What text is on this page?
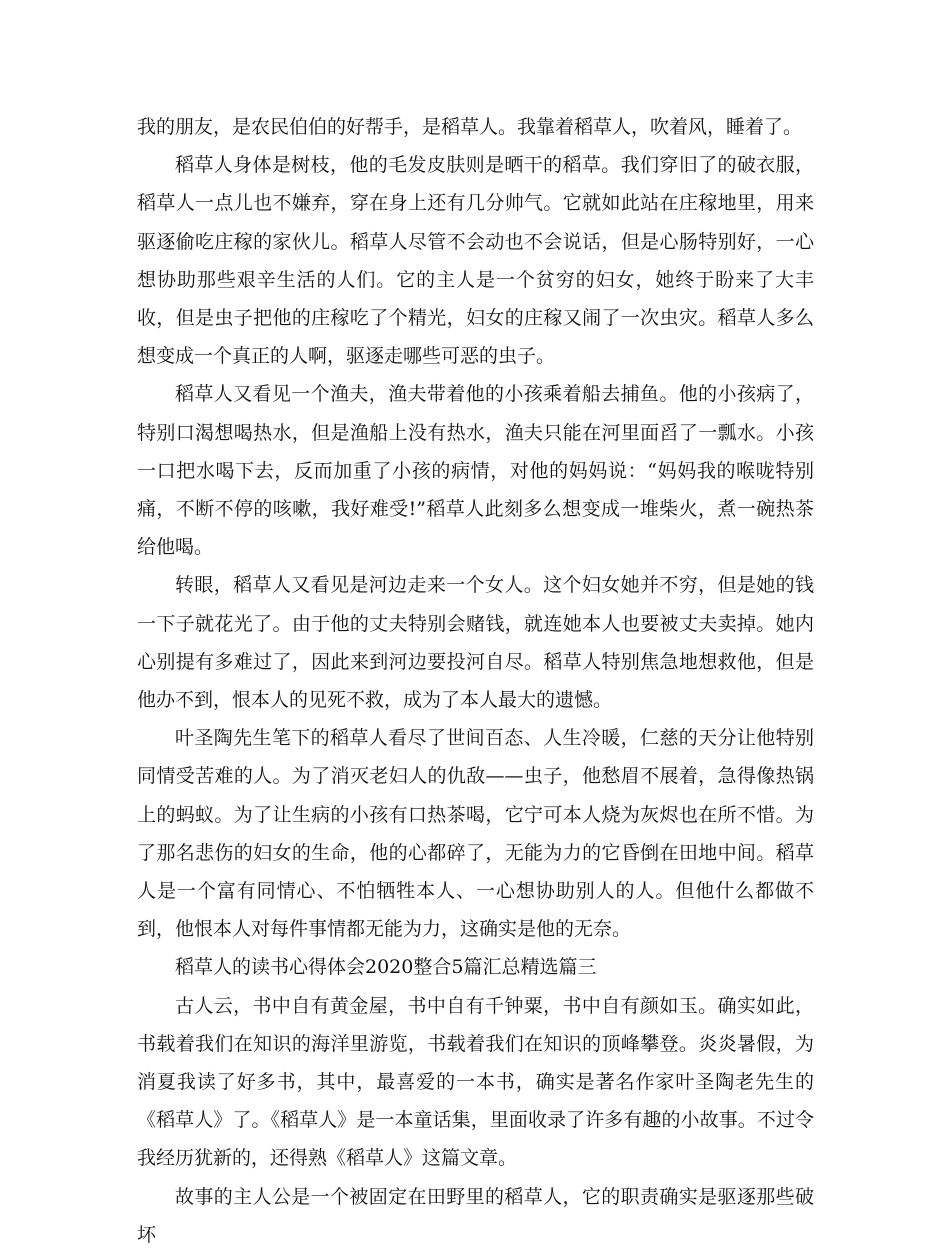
我的朋友，是农民伯伯的好帮手，是稻草人。我靠着稻草人，吹着风，睡着了。

稻草人身体是树枝，他的毛发皮肤则是晒干的稻草。我们穿旧了的破衣服，稻草人一点儿也不嫌弃，穿在身上还有几分帅气。它就如此站在庄稼地里，用来驱逐偷吃庄稼的家伙儿。稻草人尽管不会动也不会说话，但是心肠特别好，一心想协助那些艰辛生活的人们。它的主人是一个贫穷的妇女，她终于盼来了大丰收，但是虫子把他的庄稼吃了个精光，妇女的庄稼又闹了一次虫灾。稻草人多么想变成一个真正的人啊，驱逐走哪些可恶的虫子。

稻草人又看见一个渔夫，渔夫带着他的小孩乘着船去捕鱼。他的小孩病了，特别口渴想喝热水，但是渔船上没有热水，渔夫只能在河里面舀了一瓢水。小孩一口把水喝下去，反而加重了小孩的病情，对他的妈妈说：“妈妈我的喉咙特别痛，不断不停的咳嗽，我好难受!”稻草人此刻多么想变成一堆柴火，煮一碗热茶给他喝。

转眼，稻草人又看见是河边走来一个女人。这个妇女她并不穷，但是她的钱一下子就花光了。由于他的丈夫特别会赌钱，就连她本人也要被丈夫卖掉。她内心别提有多难过了，因此来到河边要投河自尽。稻草人特别焦急地想救他，但是他办不到，恨本人的见死不救，成为了本人最大的遗憾。

叶圣陶先生笔下的稻草人看尽了世间百态、人生冷暖，仁慈的天分让他特别同情受苦难的人。为了消灭老妇人的仇敌——虫子，他愁眉不展着，急得像热锅上的蚂蚁。为了让生病的小孩有口热茶喝，它宁可本人烧为灰烬也在所不惜。为了那名悲伤的妇女的生命，他的心都碎了，无能为力的它昏倒在田地中间。稻草人是一个富有同情心、不怕牺牲本人、一心想协助别人的人。但他什么都做不到，他恨本人对每件事情都无能为力，这确实是他的无奈。

稻草人的读书心得体会2020整合5篇汇总精选篇三

古人云，书中自有黄金屋，书中自有千钟粟，书中自有颜如玉。确实如此，书载着我们在知识的海洋里游览，书载着我们在知识的顶峰攀登。炎炎暑假，为消夏我读了好多书，其中，最喜爱的一本书，确实是著名作家叶圣陶老先生的《稻草人》了。《稻草人》是一本童话集，里面收录了许多有趣的小故事。不过令我经历犹新的，还得熟《稻草人》这篇文章。

故事的主人公是一个被固定在田野里的稻草人，它的职责确实是驱逐那些破坏
